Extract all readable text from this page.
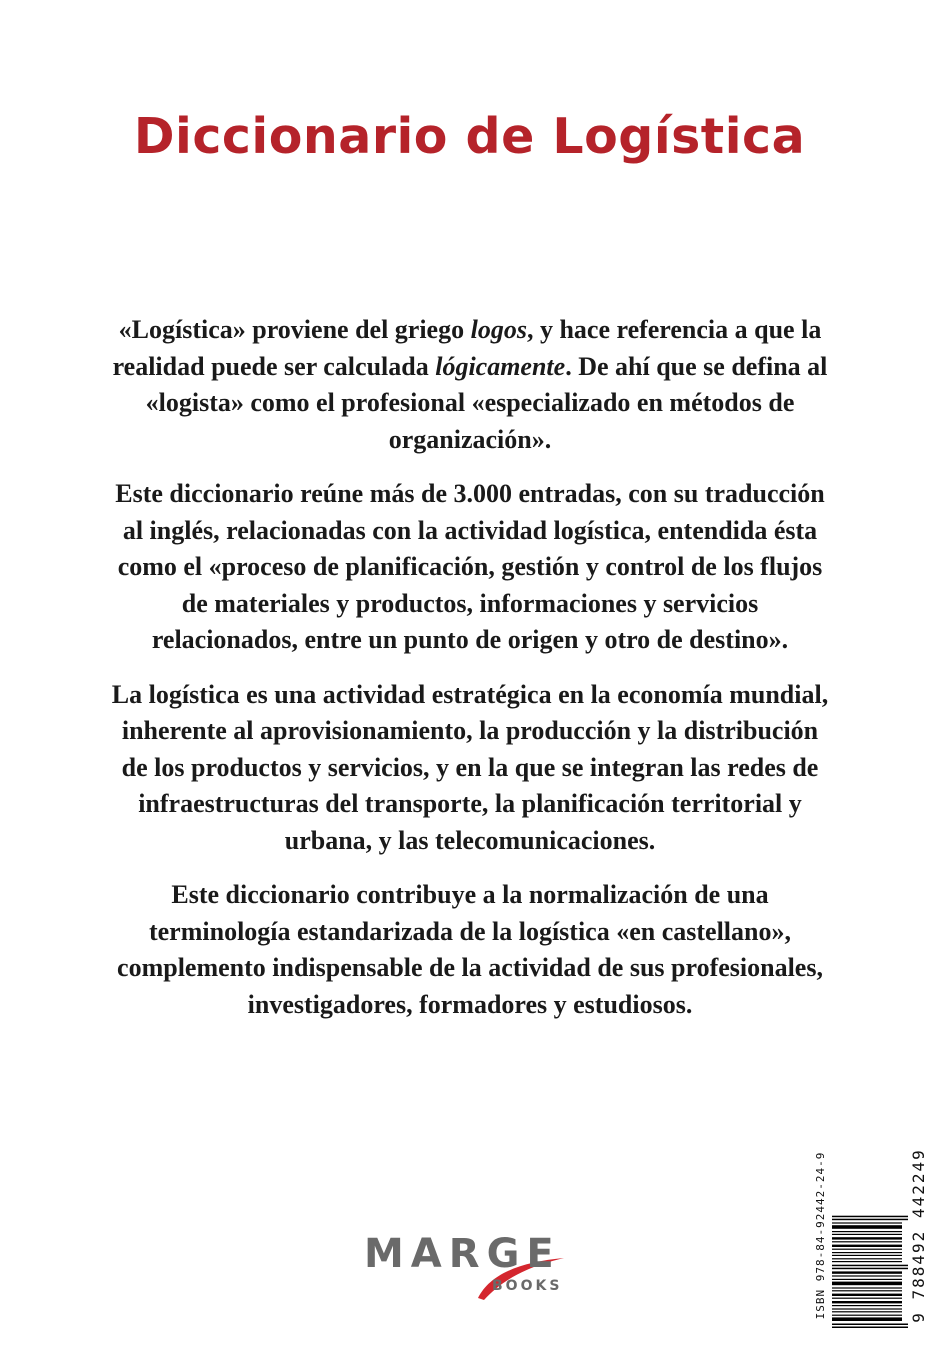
Diccionario de Logística

«Logística» proviene del griego logos, y hace referencia a que la realidad puede ser calculada lógicamente. De ahí que se defina al «logista» como el profesional «especializado en métodos de organización».

Este diccionario reúne más de 3.000 entradas, con su traducción al inglés, relacionadas con la actividad logística, entendida ésta como el «proceso de planificación, gestión y control de los flujos de materiales y productos, informaciones y servicios relacionados, entre un punto de origen y otro de destino».

La logística es una actividad estratégica en la economía mundial, inherente al aprovisionamiento, la producción y la distribución de los productos y servicios, y en la que se integran las redes de infraestructuras del transporte, la planificación territorial y urbana, y las telecomunicaciones.

Este diccionario contribuye a la normalización de una terminología estandarizada de la logística «en castellano», complemento indispensable de la actividad de sus profesionales, investigadores, formadores y estudiosos.

MARGE
BOOKS	ISBN 978-84-92442-24-9	9 788492 442249
